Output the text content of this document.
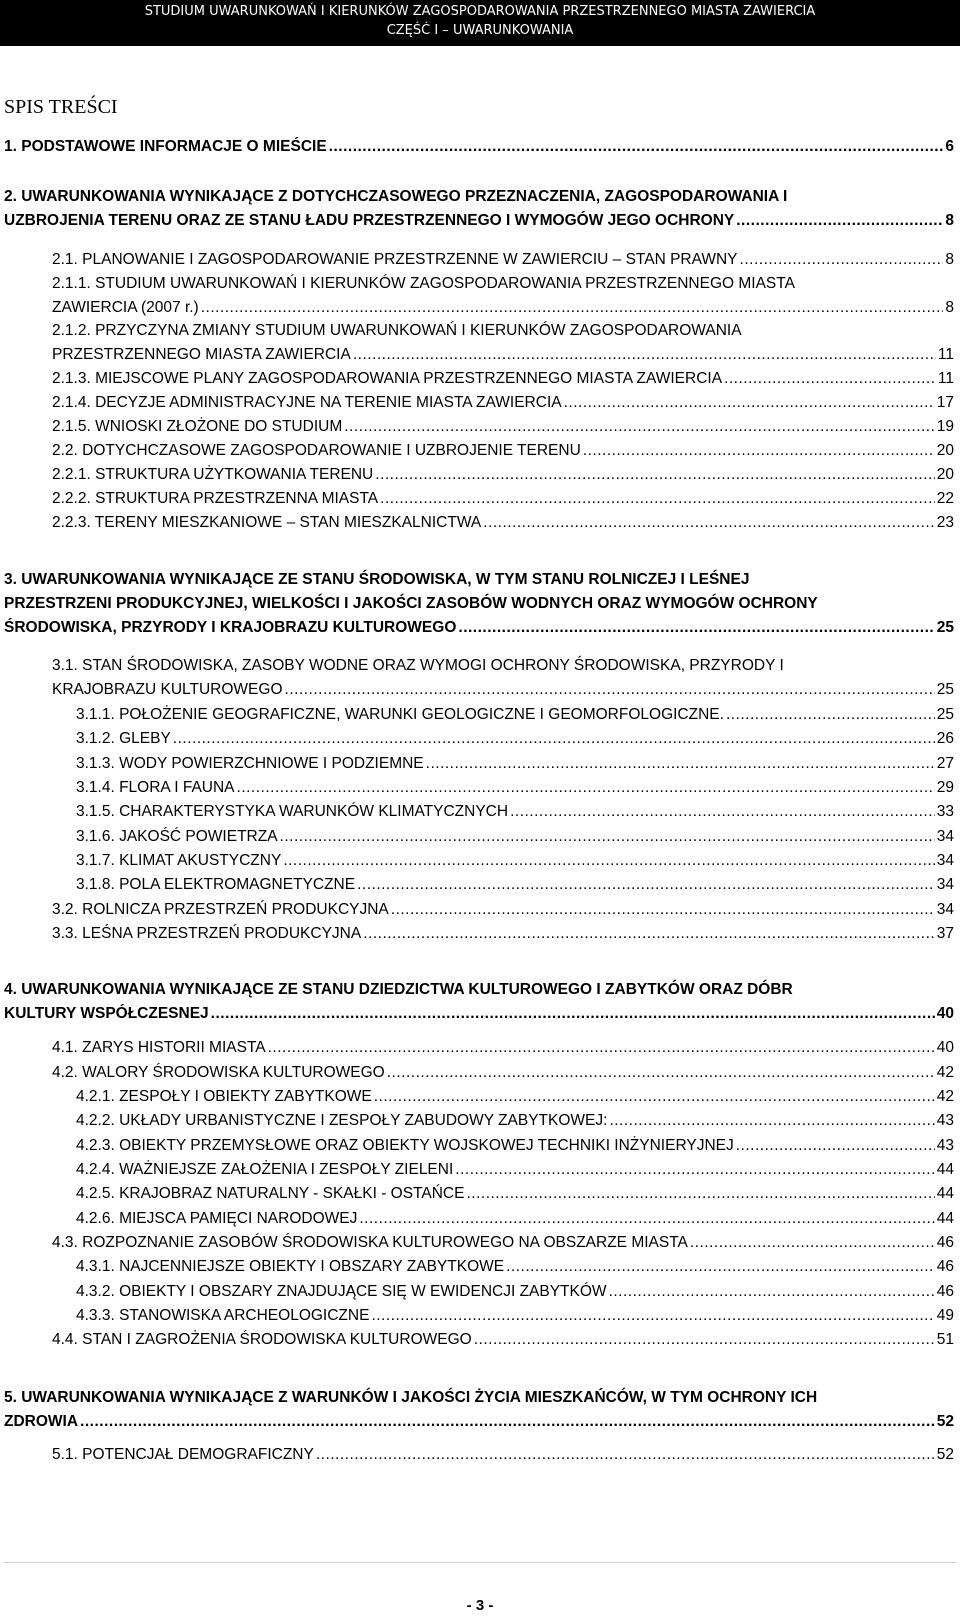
STUDIUM UWARUNKOWAŃ I KIERUNKÓW ZAGOSPODAROWANIA PRZESTRZENNEGO MIASTA ZAWIERCIA
CZĘŚĆ I – UWARUNKOWANIA
SPIS TREŚCI
1. PODSTAWOWE INFORMACJE O MIEŚCIE .....	6
2. UWARUNKOWANIA WYNIKAJĄCE Z DOTYCHCZASOWEGO PRZEZNACZENIA, ZAGOSPODAROWANIA I
UZBROJENIA TERENU ORAZ ZE STANU ŁADU PRZESTRZENNEGO I WYMOGÓW JEGO OCHRONY .....	8
2.1. PLANOWANIE I ZAGOSPODAROWANIE PRZESTRZENNE W ZAWIERCIU – STAN PRAWNY .....	8
2.1.1. STUDIUM UWARUNKOWAŃ I KIERUNKÓW ZAGOSPODAROWANIA PRZESTRZENNEGO MIASTA
ZAWIERCIA (2007 r.) .....	8
2.1.2. PRZYCZYNA ZMIANY STUDIUM UWARUNKOWAŃ I KIERUNKÓW ZAGOSPODAROWANIA
PRZESTRZENNEGO MIASTA ZAWIERCIA .....	11
2.1.3. MIEJSCOWE PLANY ZAGOSPODAROWANIA PRZESTRZENNEGO MIASTA ZAWIERCIA .....	11
2.1.4. DECYZJE ADMINISTRACYJNE NA TERENIE MIASTA ZAWIERCIA .....	17
2.1.5. WNIOSKI ZŁOŻONE DO STUDIUM .....	19
2.2. DOTYCHCZASOWE ZAGOSPODAROWANIE I UZBROJENIE TERENU .....	20
2.2.1. STRUKTURA UŻYTKOWANIA TERENU .....	20
2.2.2. STRUKTURA PRZESTRZENNA MIASTA .....	22
2.2.3. TERENY MIESZKANIOWE – STAN MIESZKALNICTWA .....	23
3. UWARUNKOWANIA WYNIKAJĄCE ZE STANU ŚRODOWISKA, W TYM STANU ROLNICZEJ I LEŚNEJ
PRZESTRZENI PRODUKCYJNEJ, WIELKOŚCI I JAKOŚCI ZASOBÓW WODNYCH ORAZ WYMOGÓW OCHRONY
ŚRODOWISKA, PRZYRODY I KRAJOBRAZU KULTUROWEGO .....	25
3.1. STAN ŚRODOWISKA, ZASOBY WODNE ORAZ WYMOGI OCHRONY ŚRODOWISKA, PRZYRODY I
KRAJOBRAZU KULTUROWEGO .....	25
3.1.1. POŁOŻENIE GEOGRAFICZNE, WARUNKI GEOLOGICZNE I GEOMORFOLOGICZNE. .....	25
3.1.2. GLEBY .....	26
3.1.3. WODY POWIERZCHNIOWE I PODZIEMNE .....	27
3.1.4. FLORA I FAUNA .....	29
3.1.5. CHARAKTERYSTYKA WARUNKÓW KLIMATYCZNYCH .....	33
3.1.6. JAKOŚĆ POWIETRZA .....	34
3.1.7. KLIMAT AKUSTYCZNY .....	34
3.1.8. POLA ELEKTROMAGNETYCZNE .....	34
3.2. ROLNICZA PRZESTRZEŃ PRODUKCYJNA .....	34
3.3. LEŚNA PRZESTRZEŃ PRODUKCYJNA .....	37
4. UWARUNKOWANIA WYNIKAJĄCE ZE STANU DZIEDZICTWA KULTUROWEGO I ZABYTKÓW ORAZ DÓBR
KULTURY WSPÓŁCZESNEJ .....	40
4.1. ZARYS HISTORII MIASTA .....	40
4.2. WALORY ŚRODOWISKA KULTUROWEGO .....	42
4.2.1. ZESPOŁY I OBIEKTY ZABYTKOWE .....	42
4.2.2. UKŁADY URBANISTYCZNE I ZESPOŁY ZABUDOWY ZABYTKOWEJ: .....	43
4.2.3. OBIEKTY PRZEMYSŁOWE ORAZ OBIEKTY WOJSKOWEJ TECHNIKI INŻYNIERYJNEJ .....	43
4.2.4. WAŻNIEJSZE ZAŁOŻENIA I ZESPOŁY ZIELENI .....	44
4.2.5. KRAJOBRAZ NATURALNY - SKAŁKI - OSTAŃCE .....	44
4.2.6. MIEJSCA PAMIĘCI NARODOWEJ .....	44
4.3. ROZPOZNANIE ZASOBÓW ŚRODOWISKA KULTUROWEGO NA OBSZARZE MIASTA .....	46
4.3.1. NAJCENNIEJSZE OBIEKTY I OBSZARY ZABYTKOWE .....	46
4.3.2. OBIEKTY I OBSZARY ZNAJDUJĄCE SIĘ W EWIDENCJI ZABYTKÓW .....	46
4.3.3. STANOWISKA ARCHEOLOGICZNE .....	49
4.4. STAN I ZAGROŻENIA ŚRODOWISKA KULTUROWEGO .....	51
5. UWARUNKOWANIA WYNIKAJĄCE Z WARUNKÓW I JAKOŚCI ŻYCIA MIESZKAŃCÓW, W TYM OCHRONY ICH
ZDROWIA .....	52
5.1. POTENCJAŁ DEMOGRAFICZNY .....	52
- 3 -
